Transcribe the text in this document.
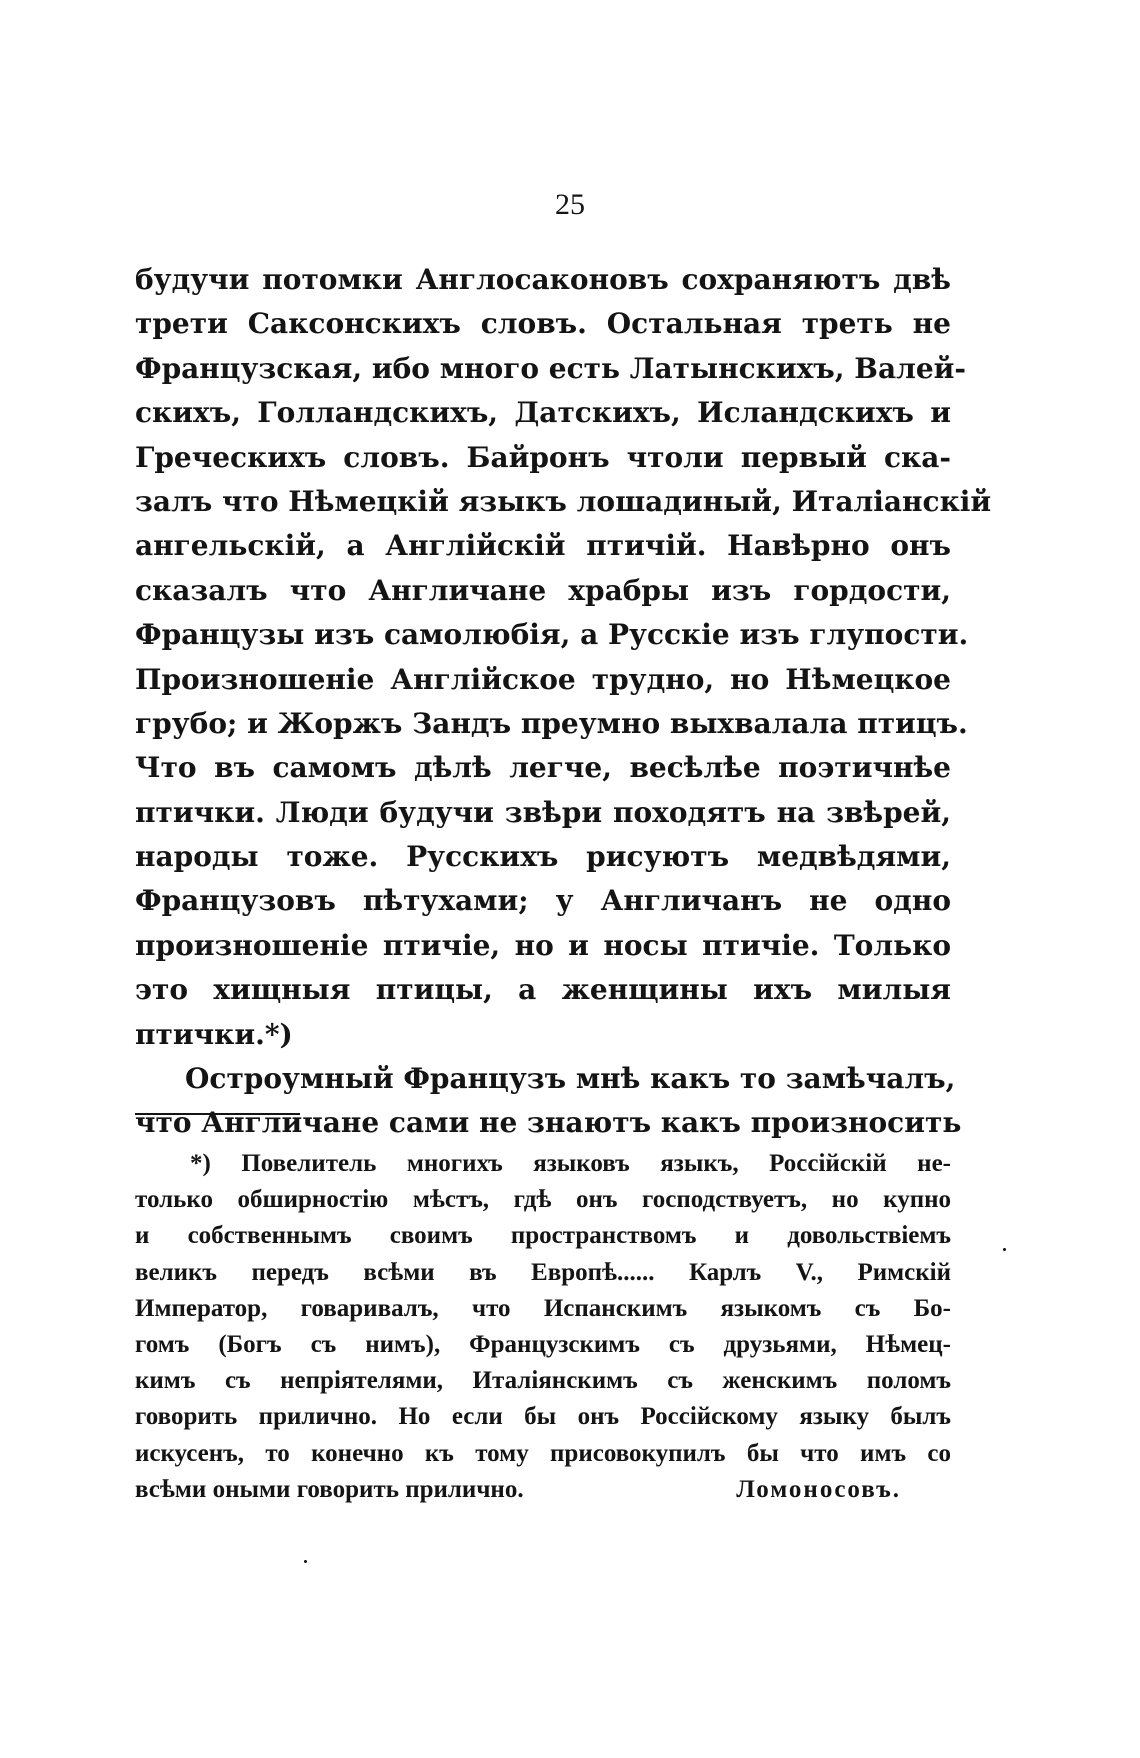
25
будучи потомки Англосаконовъ сохраняютъ двѣ
трети Саксонскихъ словъ. Остальная треть не
Французская, ибо много есть Латынскихъ, Валей-
скихъ, Голландскихъ, Датскихъ, Исландскихъ и
Греческихъ словъ. Байронъ чтоли первый ска-
залъ что Нѣмецкій языкъ лошадиный, Италіанскій
ангельскій, а Англійскій птичій. Навѣрно онъ
сказалъ что Англичане храбры изъ гордости,
Французы изъ самолюбія, а Русскіе изъ глупости.
Произношеніе Англійское трудно, но Нѣмецкое
грубо; и Жоржъ Зандъ преумно выхвалала птицъ.
Что въ самомъ дѣлѣ легче, весѣлѣе поэтичнѣе
птички. Люди будучи звѣри походятъ на звѣрей,
народы тоже. Русскихъ рисуютъ медвѣдями,
Французовъ пѣтухами; у Англичанъ не одно
произношеніе птичіе, но и носы птичіе. Только
это хищныя птицы, а женщины ихъ милыя
птички.*)
Остроумный Французъ мнѣ какъ то замѣчалъ,
что Англичане сами не знаютъ какъ произносить
*) Повелитель многихъ языковъ языкъ, Россійскій не-
только обширностію мѣстъ, гдѣ онъ господствуетъ, но купно
и собственнымъ своимъ пространствомъ и довольствіемъ
великъ передъ всѣми въ Европѣ...... Карлъ V., Римскій
Император, говаривалъ, что Испанскимъ языкомъ съ Бо-
гомъ (Богъ съ нимъ), Французскимъ съ друзьями, Нѣмец-
кимъ съ непріятелями, Италіянскимъ съ женскимъ поломъ
говорить прилично. Но если бы онъ Россійскому языку былъ
искусенъ, то конечно къ тому присовокупилъ бы что имъ со
всѣми оными говорить прилично.	Ломоносовъ.
